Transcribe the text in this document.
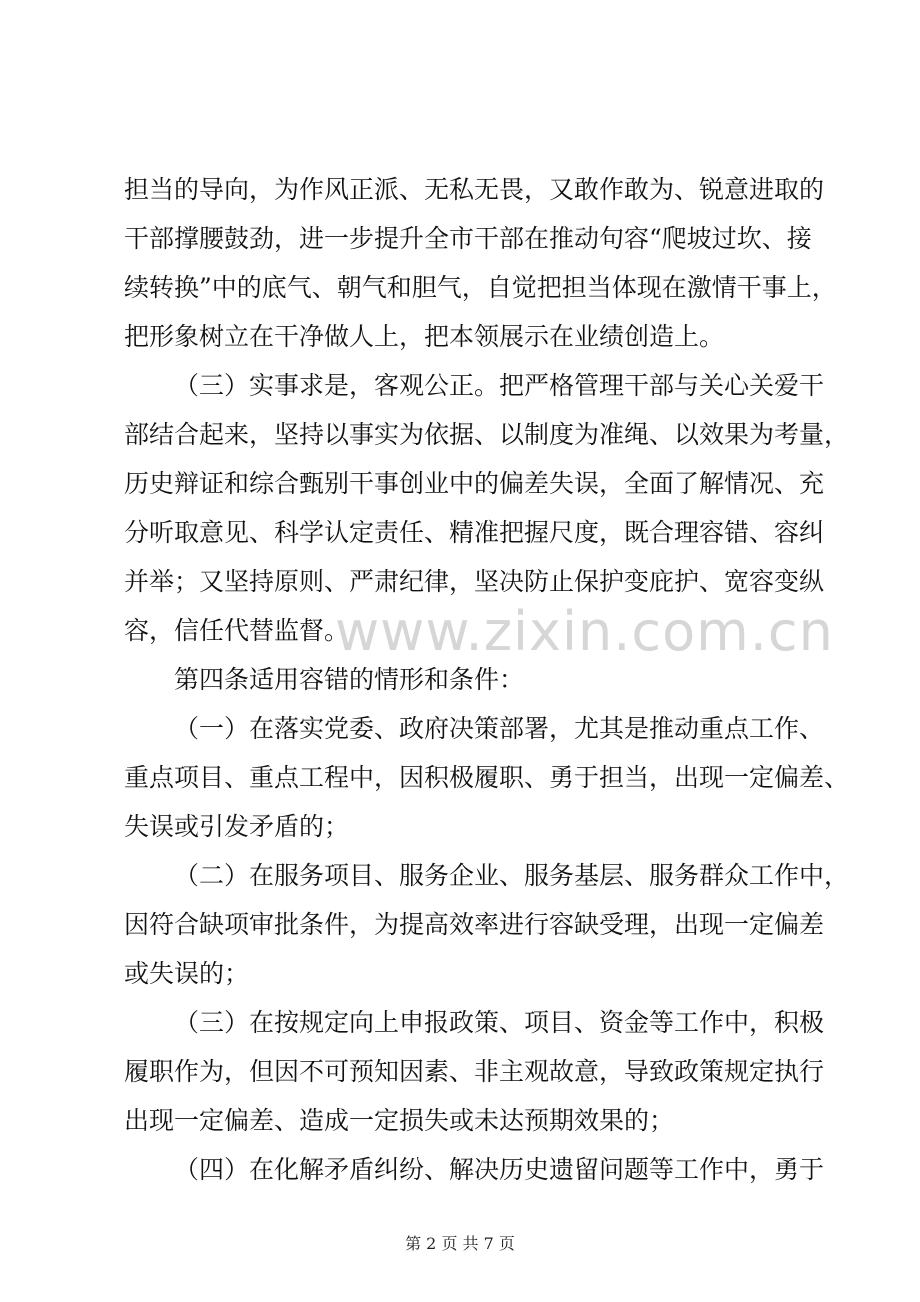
www.zixin.com.cn
担当的导向，为作风正派、无私无畏，又敢作敢为、锐意进取的
干部撑腰鼓劲，进一步提升全市干部在推动句容“爬坡过坎、接
续转换”中的底气、朝气和胆气，自觉把担当体现在激情干事上，
把形象树立在干净做人上，把本领展示在业绩创造上。
（三）实事求是，客观公正。把严格管理干部与关心关爱干
部结合起来，坚持以事实为依据、以制度为准绳、以效果为考量，
历史辩证和综合甄别干事创业中的偏差失误，全面了解情况、充
分听取意见、科学认定责任、精准把握尺度，既合理容错、容纠
并举；又坚持原则、严肃纪律，坚决防止保护变庇护、宽容变纵
容，信任代替监督。
第四条适用容错的情形和条件：
（一）在落实党委、政府决策部署，尤其是推动重点工作、
重点项目、重点工程中，因积极履职、勇于担当，出现一定偏差、
失误或引发矛盾的；
（二）在服务项目、服务企业、服务基层、服务群众工作中，
因符合缺项审批条件，为提高效率进行容缺受理，出现一定偏差
或失误的；
（三）在按规定向上申报政策、项目、资金等工作中，积极
履职作为，但因不可预知因素、非主观故意，导致政策规定执行
出现一定偏差、造成一定损失或未达预期效果的；
（四）在化解矛盾纠纷、解决历史遗留问题等工作中，勇于
第 2 页 共 7 页
